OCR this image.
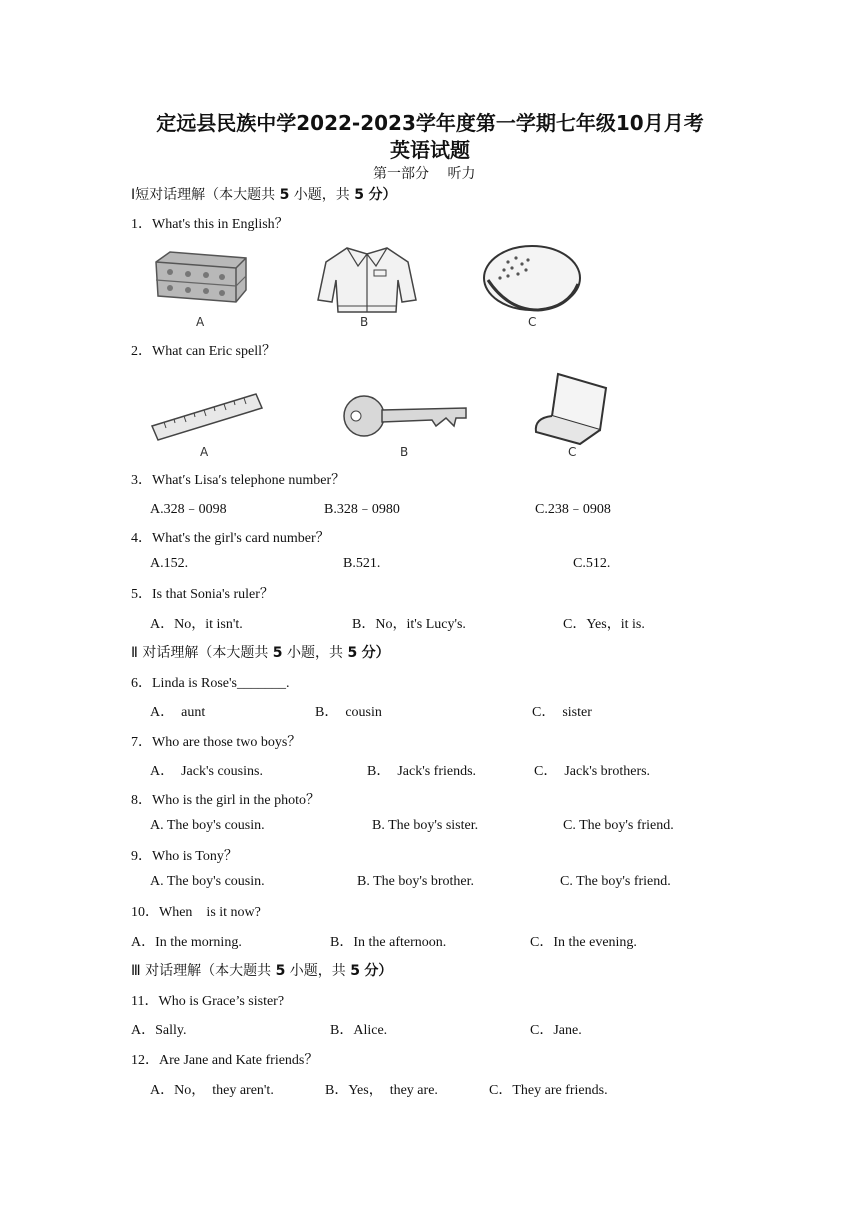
定远县民族中学2022-2023学年度第一学期七年级10月月考
英语试题
第一部分　 听力
Ⅰ短对话理解（本大题共 5 小题，共 5 分）
1．What's this in English？
A	B	C
2．What can Eric spell？
A	B	C
3．What′s Lisa′s telephone number？
A.328﹣0098	B.328﹣0980	C.238﹣0908
4．What's the girl's card number？
A.152.	B.521.	C.512.
5．Is that Sonia's ruler？
A．No，it isn't.	B．No，it's Lucy's.	C．Yes，it is.
Ⅱ 对话理解（本大题共 5 小题，共 5 分）
6．Linda is Rose's_______.
A．　aunt	B．　cousin	C．　sister
7．Who are those two boys？
A．　Jack's cousins.	B．　Jack's friends.	C．　Jack's brothers.
8．Who is the girl in the photo？
A. The boy's cousin.	B. The boy's sister.	C. The boy's friend.
9．Who is Tony？
A. The boy's cousin.	B. The boy's brother.	C. The boy's friend.
10．When　is it now?
A．In the morning.	B．In the afternoon.	C．In the evening.
Ⅲ 对话理解（本大题共 5 小题，共 5 分）
11．Who is Grace’s sister?
A．Sally.	B．Alice.	C．Jane.
12．Are Jane and Kate friends？
A．No，　they aren't.	B．Yes，　they are.	C．They are friends.
